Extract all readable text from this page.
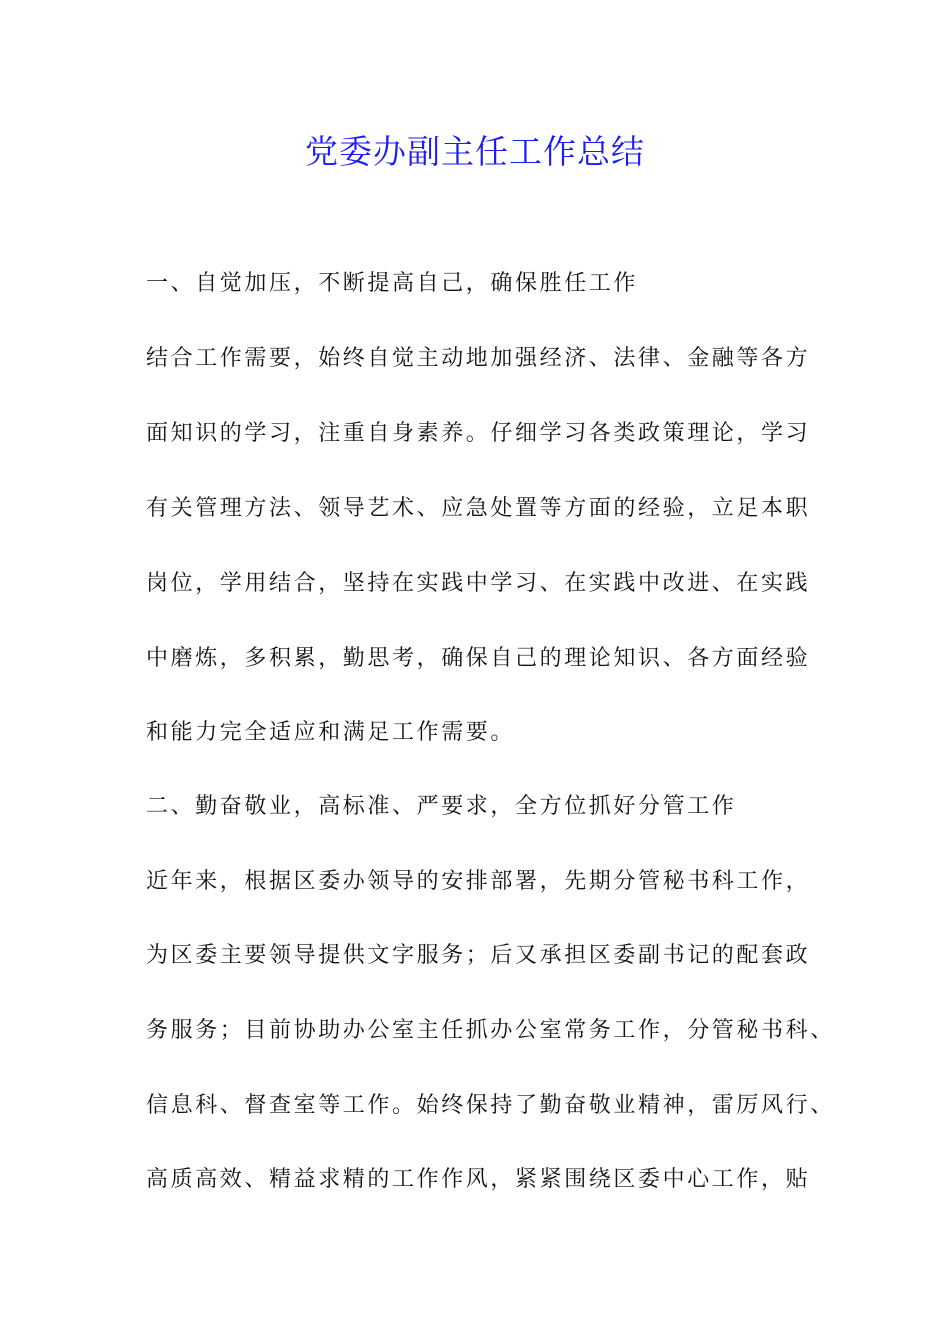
党委办副主任工作总结
一、自觉加压，不断提高自己，确保胜任工作
结合工作需要，始终自觉主动地加强经济、法律、金融等各方
面知识的学习，注重自身素养。仔细学习各类政策理论，学习
有关管理方法、领导艺术、应急处置等方面的经验，立足本职
岗位，学用结合，坚持在实践中学习、在实践中改进、在实践
中磨炼，多积累，勤思考，确保自己的理论知识、各方面经验
和能力完全适应和满足工作需要。
二、勤奋敬业，高标准、严要求，全方位抓好分管工作
近年来，根据区委办领导的安排部署，先期分管秘书科工作，
为区委主要领导提供文字服务；后又承担区委副书记的配套政
务服务；目前协助办公室主任抓办公室常务工作，分管秘书科、
信息科、督查室等工作。始终保持了勤奋敬业精神，雷厉风行、
高质高效、精益求精的工作作风，紧紧围绕区委中心工作，贴
